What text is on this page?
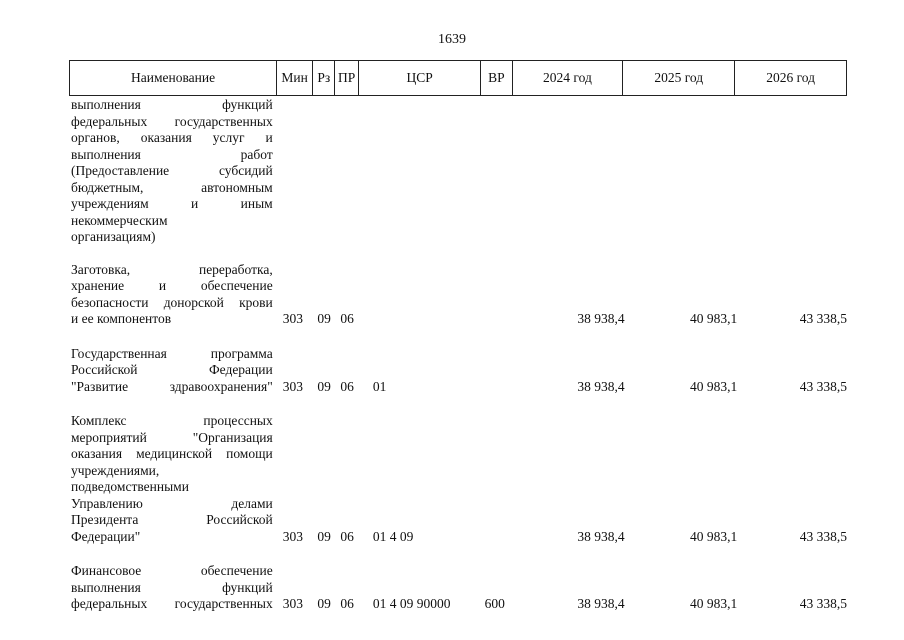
1639
Наименование	Мин Рз ПР	ЦСР	ВР	2024 год	2025 год	2026 год
выполнения функций
федеральных государственных
органов, оказания услуг и
выполнения работ
(Предоставление субсидий
бюджетным, автономным
учреждениям и иным
некоммерческим
организациям)
Заготовка, переработка,
хранение и обеспечение
безопасности донорской крови
и ее компонентов	303	09 06	38 938,4	40 983,1	43 338,5
Государственная программа
Российской Федерации
"Развитие здравоохранения" 303	09 06	01	38 938,4	40 983,1	43 338,5
Комплекс процессных
мероприятий "Организация
оказания медицинской помощи
учреждениями,
подведомственными
Управлению делами
Президента Российской
Федерации"	303	09 06	01 4 09	38 938,4	40 983,1	43 338,5
Финансовое обеспечение
выполнения функций
федеральных государственных 303	09 06	01 4 09 90000	600	38 938,4	40 983,1	43 338,5
